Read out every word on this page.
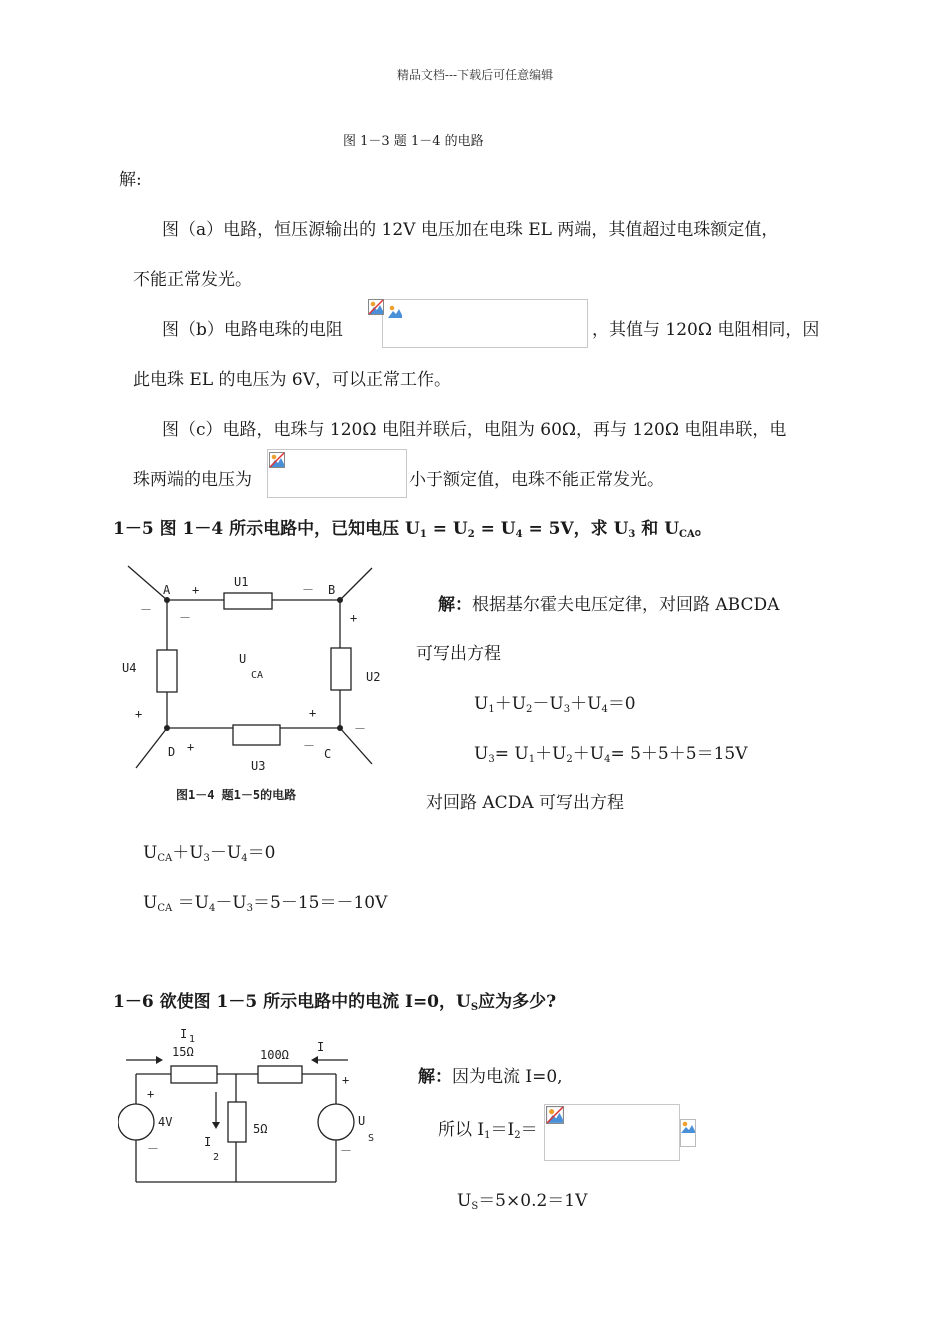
精品文档---下载后可任意编辑
图 1－3 题 1－4 的电路
解:
图（a）电路，恒压源输出的 12V 电压加在电珠 EL 两端，其值超过电珠额定值，
不能正常发光。
图（b）电路电珠的电阻	，其值与 120Ω 电阻相同，因
此电珠 EL 的电压为 6V，可以正常工作。
图（c）电路，电珠与 120Ω 电阻并联后，电阻为 60Ω，再与 120Ω 电阻串联，电
珠两端的电压为	小于额定值，电珠不能正常发光。
1－5 图 1－4 所示电路中，已知电压 $U_1 = U_2 = U_4 = 5V$，求 $U_3$ 和 $U_{CA}$。
A	B
C
D
U1
U4
U2
U3
U
CA
+	－
－
－	+
+	+
－
+	－
图1－4 题1－5的电路
解：根据基尔霍夫电压定律，对回路 ABCDA
可写出方程
$U_1+U_2-U_3+U_4=0$
$U_3= U_1+U_2+U_4= 5+5+5=15V$
对回路 ACDA 可写出方程
$U_{CA}+U_3-U_4=0$
$U_{CA} =U_4-U_3=5-15=-10V$
1－6 欲使图 1－5 所示电路中的电流 I=0，$U_S$应为多少?
I 1
15Ω	100Ω
I
4V	5Ω
I
2
U
S
+
－
+
－
解：因为电流 I=0,
所以 $I_1=I_2=$
$U_S=5\times 0.2=1V$
